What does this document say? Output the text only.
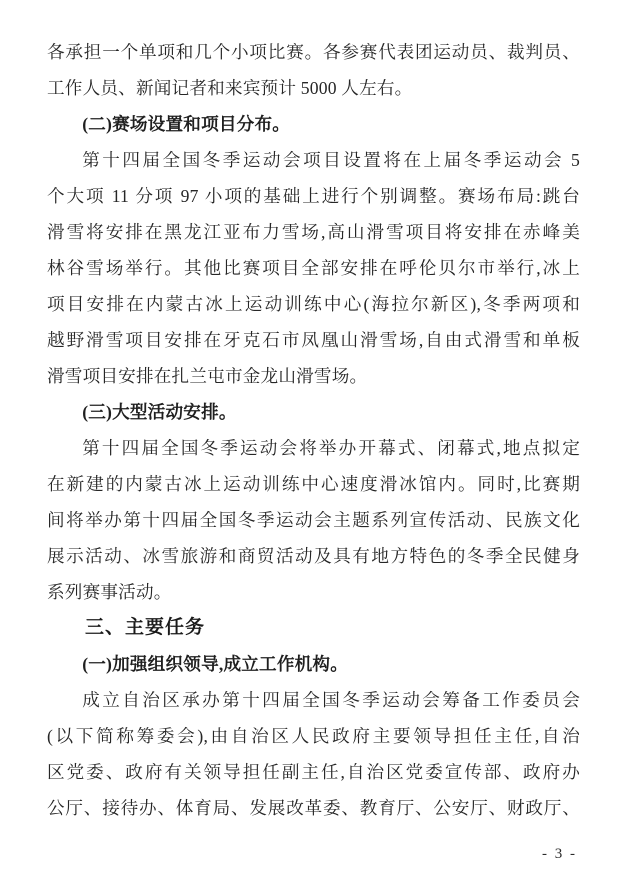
各承担一个单项和几个小项比赛。各参赛代表团运动员、裁判员、
工作人员、新闻记者和来宾预计 5000 人左右。
(二)赛场设置和项目分布。
第十四届全国冬季运动会项目设置将在上届冬季运动会 5
个大项 11 分项 97 小项的基础上进行个别调整。赛场布局:跳台
滑雪将安排在黑龙江亚布力雪场,高山滑雪项目将安排在赤峰美
林谷雪场举行。其他比赛项目全部安排在呼伦贝尔市举行,冰上
项目安排在内蒙古冰上运动训练中心(海拉尔新区),冬季两项和
越野滑雪项目安排在牙克石市凤凰山滑雪场,自由式滑雪和单板
滑雪项目安排在扎兰屯市金龙山滑雪场。
(三)大型活动安排。
第十四届全国冬季运动会将举办开幕式、闭幕式,地点拟定
在新建的内蒙古冰上运动训练中心速度滑冰馆内。同时,比赛期
间将举办第十四届全国冬季运动会主题系列宣传活动、民族文化
展示活动、冰雪旅游和商贸活动及具有地方特色的冬季全民健身
系列赛事活动。
三、主要任务
(一)加强组织领导,成立工作机构。
成立自治区承办第十四届全国冬季运动会筹备工作委员会
(以下简称筹委会),由自治区人民政府主要领导担任主任,自治
区党委、政府有关领导担任副主任,自治区党委宣传部、政府办
公厅、接待办、体育局、发展改革委、教育厅、公安厅、财政厅、
- 3 -
